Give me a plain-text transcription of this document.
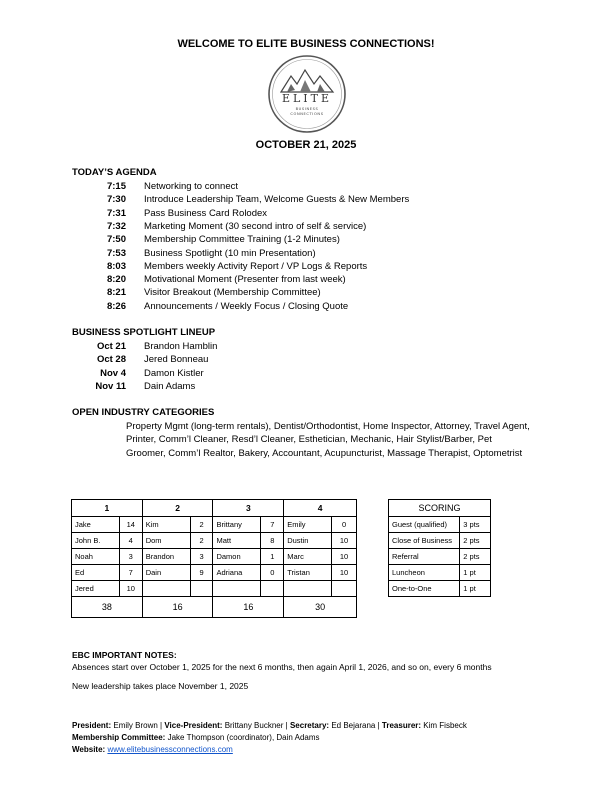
WELCOME TO ELITE BUSINESS CONNECTIONS!
ELITE
BUSINESS
CONNECTIONS
OCTOBER 21, 2025
TODAY’S AGENDA
7:15 Networking to connect
7:30 Introduce Leadership Team, Welcome Guests & New Members
7:31 Pass Business Card Rolodex
7:32 Marketing Moment (30 second intro of self & service)
7:50 Membership Committee Training (1-2 Minutes)
7:53 Business Spotlight (10 min Presentation)
8:03 Members weekly Activity Report / VP Logs & Reports
8:20 Motivational Moment (Presenter from last week)
8:21 Visitor Breakout (Membership Committee)
8:26 Announcements / Weekly Focus / Closing Quote
BUSINESS SPOTLIGHT LINEUP
Oct 21 Brandon Hamblin
Oct 28 Jered Bonneau
Nov 4 Damon Kistler
Nov 11 Dain Adams
OPEN INDUSTRY CATEGORIES
Property Mgmt (long-term rentals), Dentist/Orthodontist, Home Inspector, Attorney, Travel Agent, Printer, Comm’l Cleaner, Resd’l Cleaner, Esthetician, Mechanic, Hair Stylist/Barber, Pet Groomer, Comm’l Realtor, Bakery, Accountant, Acupuncturist, Massage Therapist, Optometrist
1		2		3		4	
Jake	14	Kim	2	Brittany	7	Emily	0
John B.	4	Dom	2	Matt	8	Dustin	10
Noah	3	Brandon	3	Damon	1	Marc	10
Ed	7	Dain	9	Adriana	0	Tristan	10
Jered	10						
38		16		16		30	
SCORING	
Guest (qualified)	3 pts
Close of Business	2 pts
Referral	2 pts
Luncheon	1 pt
One-to-One	1 pt
EBC IMPORTANT NOTES:
Absences start over October 1, 2025 for the next 6 months, then again April 1, 2026, and so on, every 6 months
New leadership takes place November 1, 2025
President: Emily Brown | Vice-President: Brittany Buckner | Secretary: Ed Bejarana | Treasurer: Kim Fisbeck
Membership Committee: Jake Thompson (coordinator), Dain Adams
Website: www.elitebusinessconnections.com
